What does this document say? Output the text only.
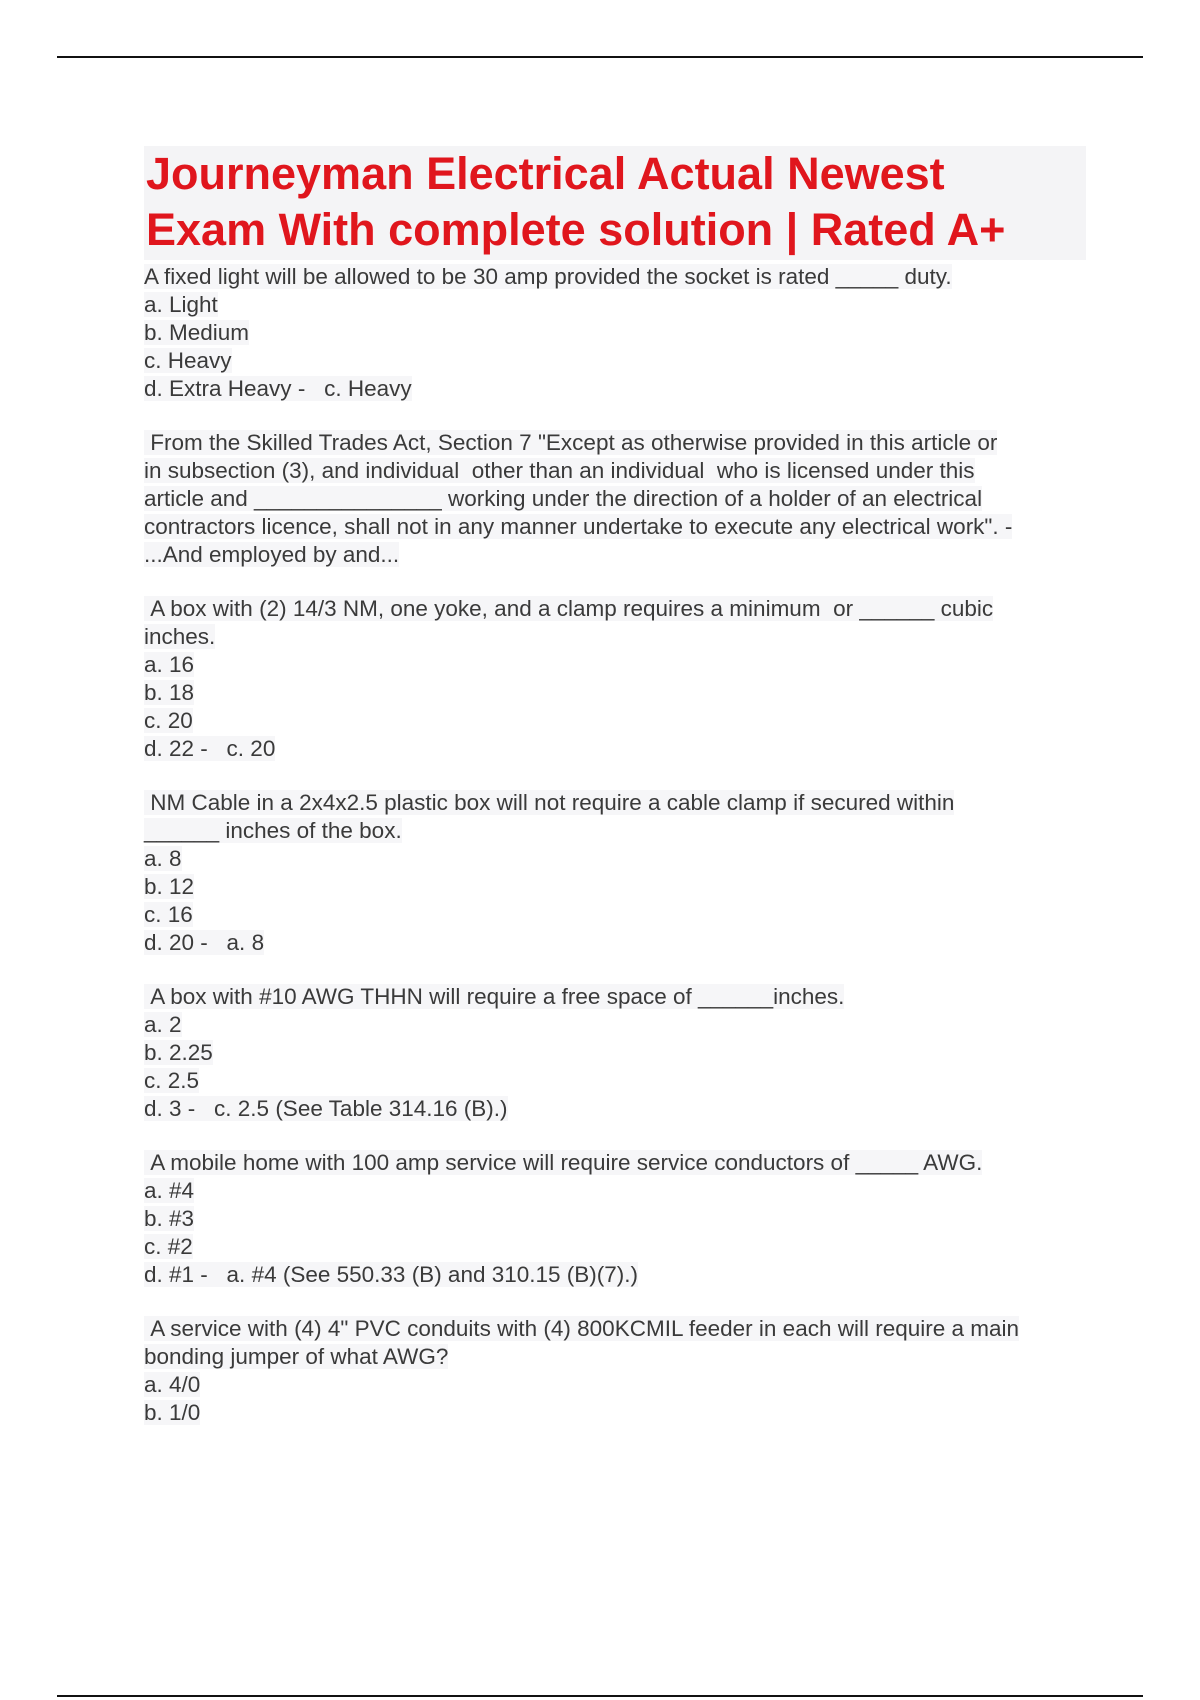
Journeyman Electrical Actual Newest
Exam With complete solution | Rated A+
A fixed light will be allowed to be 30 amp provided the socket is rated _____ duty.
a. Light
b. Medium
c. Heavy
d. Extra Heavy -   c. Heavy
From the Skilled Trades Act, Section 7 "Except as otherwise provided in this article or
in subsection (3), and individual  other than an individual  who is licensed under this
article and _______________ working under the direction of a holder of an electrical
contractors licence, shall not in any manner undertake to execute any electrical work". -
...And employed by and...
A box with (2) 14/3 NM, one yoke, and a clamp requires a minimum  or ______ cubic
inches.
a. 16
b. 18
c. 20
d. 22 -   c. 20
NM Cable in a 2x4x2.5 plastic box will not require a cable clamp if secured within
______ inches of the box.
a. 8
b. 12
c. 16
d. 20 -   a. 8
A box with #10 AWG THHN will require a free space of ______inches.
a. 2
b. 2.25
c. 2.5
d. 3 -   c. 2.5 (See Table 314.16 (B).)
A mobile home with 100 amp service will require service conductors of _____ AWG.
a. #4
b. #3
c. #2
d. #1 -   a. #4 (See 550.33 (B) and 310.15 (B)(7).)
A service with (4) 4" PVC conduits with (4) 800KCMIL feeder in each will require a main
bonding jumper of what AWG?
a. 4/0
b. 1/0
